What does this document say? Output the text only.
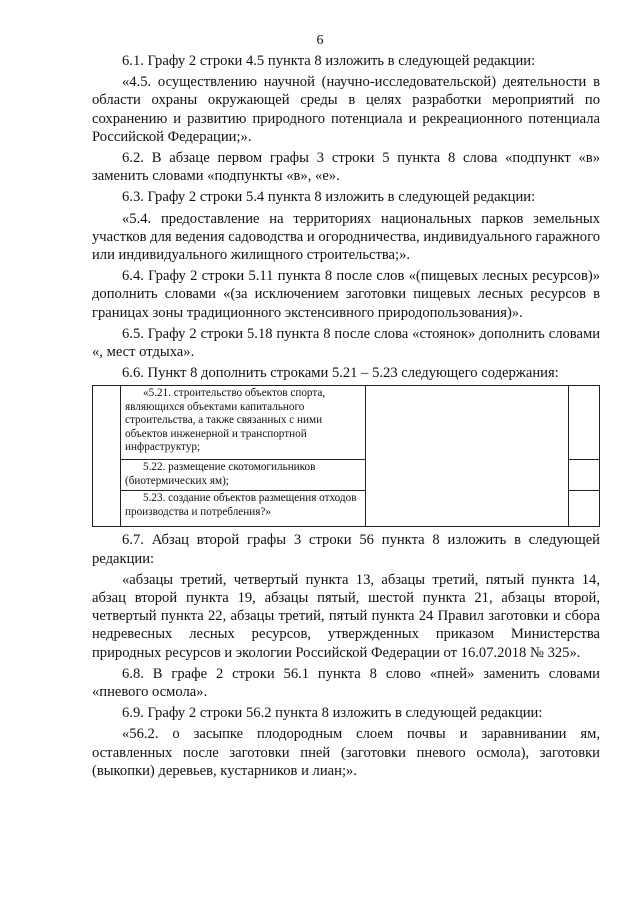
6

6.1. Графу 2 строки 4.5 пункта 8 изложить в следующей редакции:

«4.5. осуществлению научной (научно-исследовательской) деятельности в области охраны окружающей среды в целях разработки мероприятий по сохранению и развитию природного потенциала и рекреационного потенциала Российской Федерации;».

6.2. В абзаце первом графы 3 строки 5 пункта 8 слова «подпункт «в» заменить словами «подпункты «в», «е».

6.3. Графу 2 строки 5.4 пункта 8 изложить в следующей редакции:

«5.4. предоставление на территориях национальных парков земельных участков для ведения садоводства и огородничества, индивидуального гаражного или индивидуального жилищного строительства;».

6.4. Графу 2 строки 5.11 пункта 8 после слов «(пищевых лесных ресурсов)» дополнить словами «(за исключением заготовки пищевых лесных ресурсов в границах зоны традиционного экстенсивного природопользования)».

6.5. Графу 2 строки 5.18 пункта 8 после слова «стоянок» дополнить словами «, мест отдыха».

6.6. Пункт 8 дополнить строками 5.21 – 5.23 следующего содержания:

«5.21. строительство объектов спорта, являющихся объектами капитального строительства, а также связанных с ними объектов инженерной и транспортной инфраструктур;
5.22. размещение скотомогильников (биотермических ям);
5.23. создание объектов размещения отходов производства и потребления?»

6.7. Абзац второй графы 3 строки 56 пункта 8 изложить в следующей редакции:

«абзацы третий, четвертый пункта 13, абзацы третий, пятый пункта 14, абзац второй пункта 19, абзацы пятый, шестой пункта 21, абзацы второй, четвертый пункта 22, абзацы третий, пятый пункта 24 Правил заготовки и сбора недревесных лесных ресурсов, утвержденных приказом Министерства природных ресурсов и экологии Российской Федерации от 16.07.2018 № 325».

6.8. В графе 2 строки 56.1 пункта 8 слово «пней» заменить словами «пневого осмола».

6.9. Графу 2 строки 56.2 пункта 8 изложить в следующей редакции:

«56.2. о засыпке плодородным слоем почвы и заравнивании ям, оставленных после заготовки пней (заготовки пневого осмола), заготовки (выкопки) деревьев, кустарников и лиан;».
